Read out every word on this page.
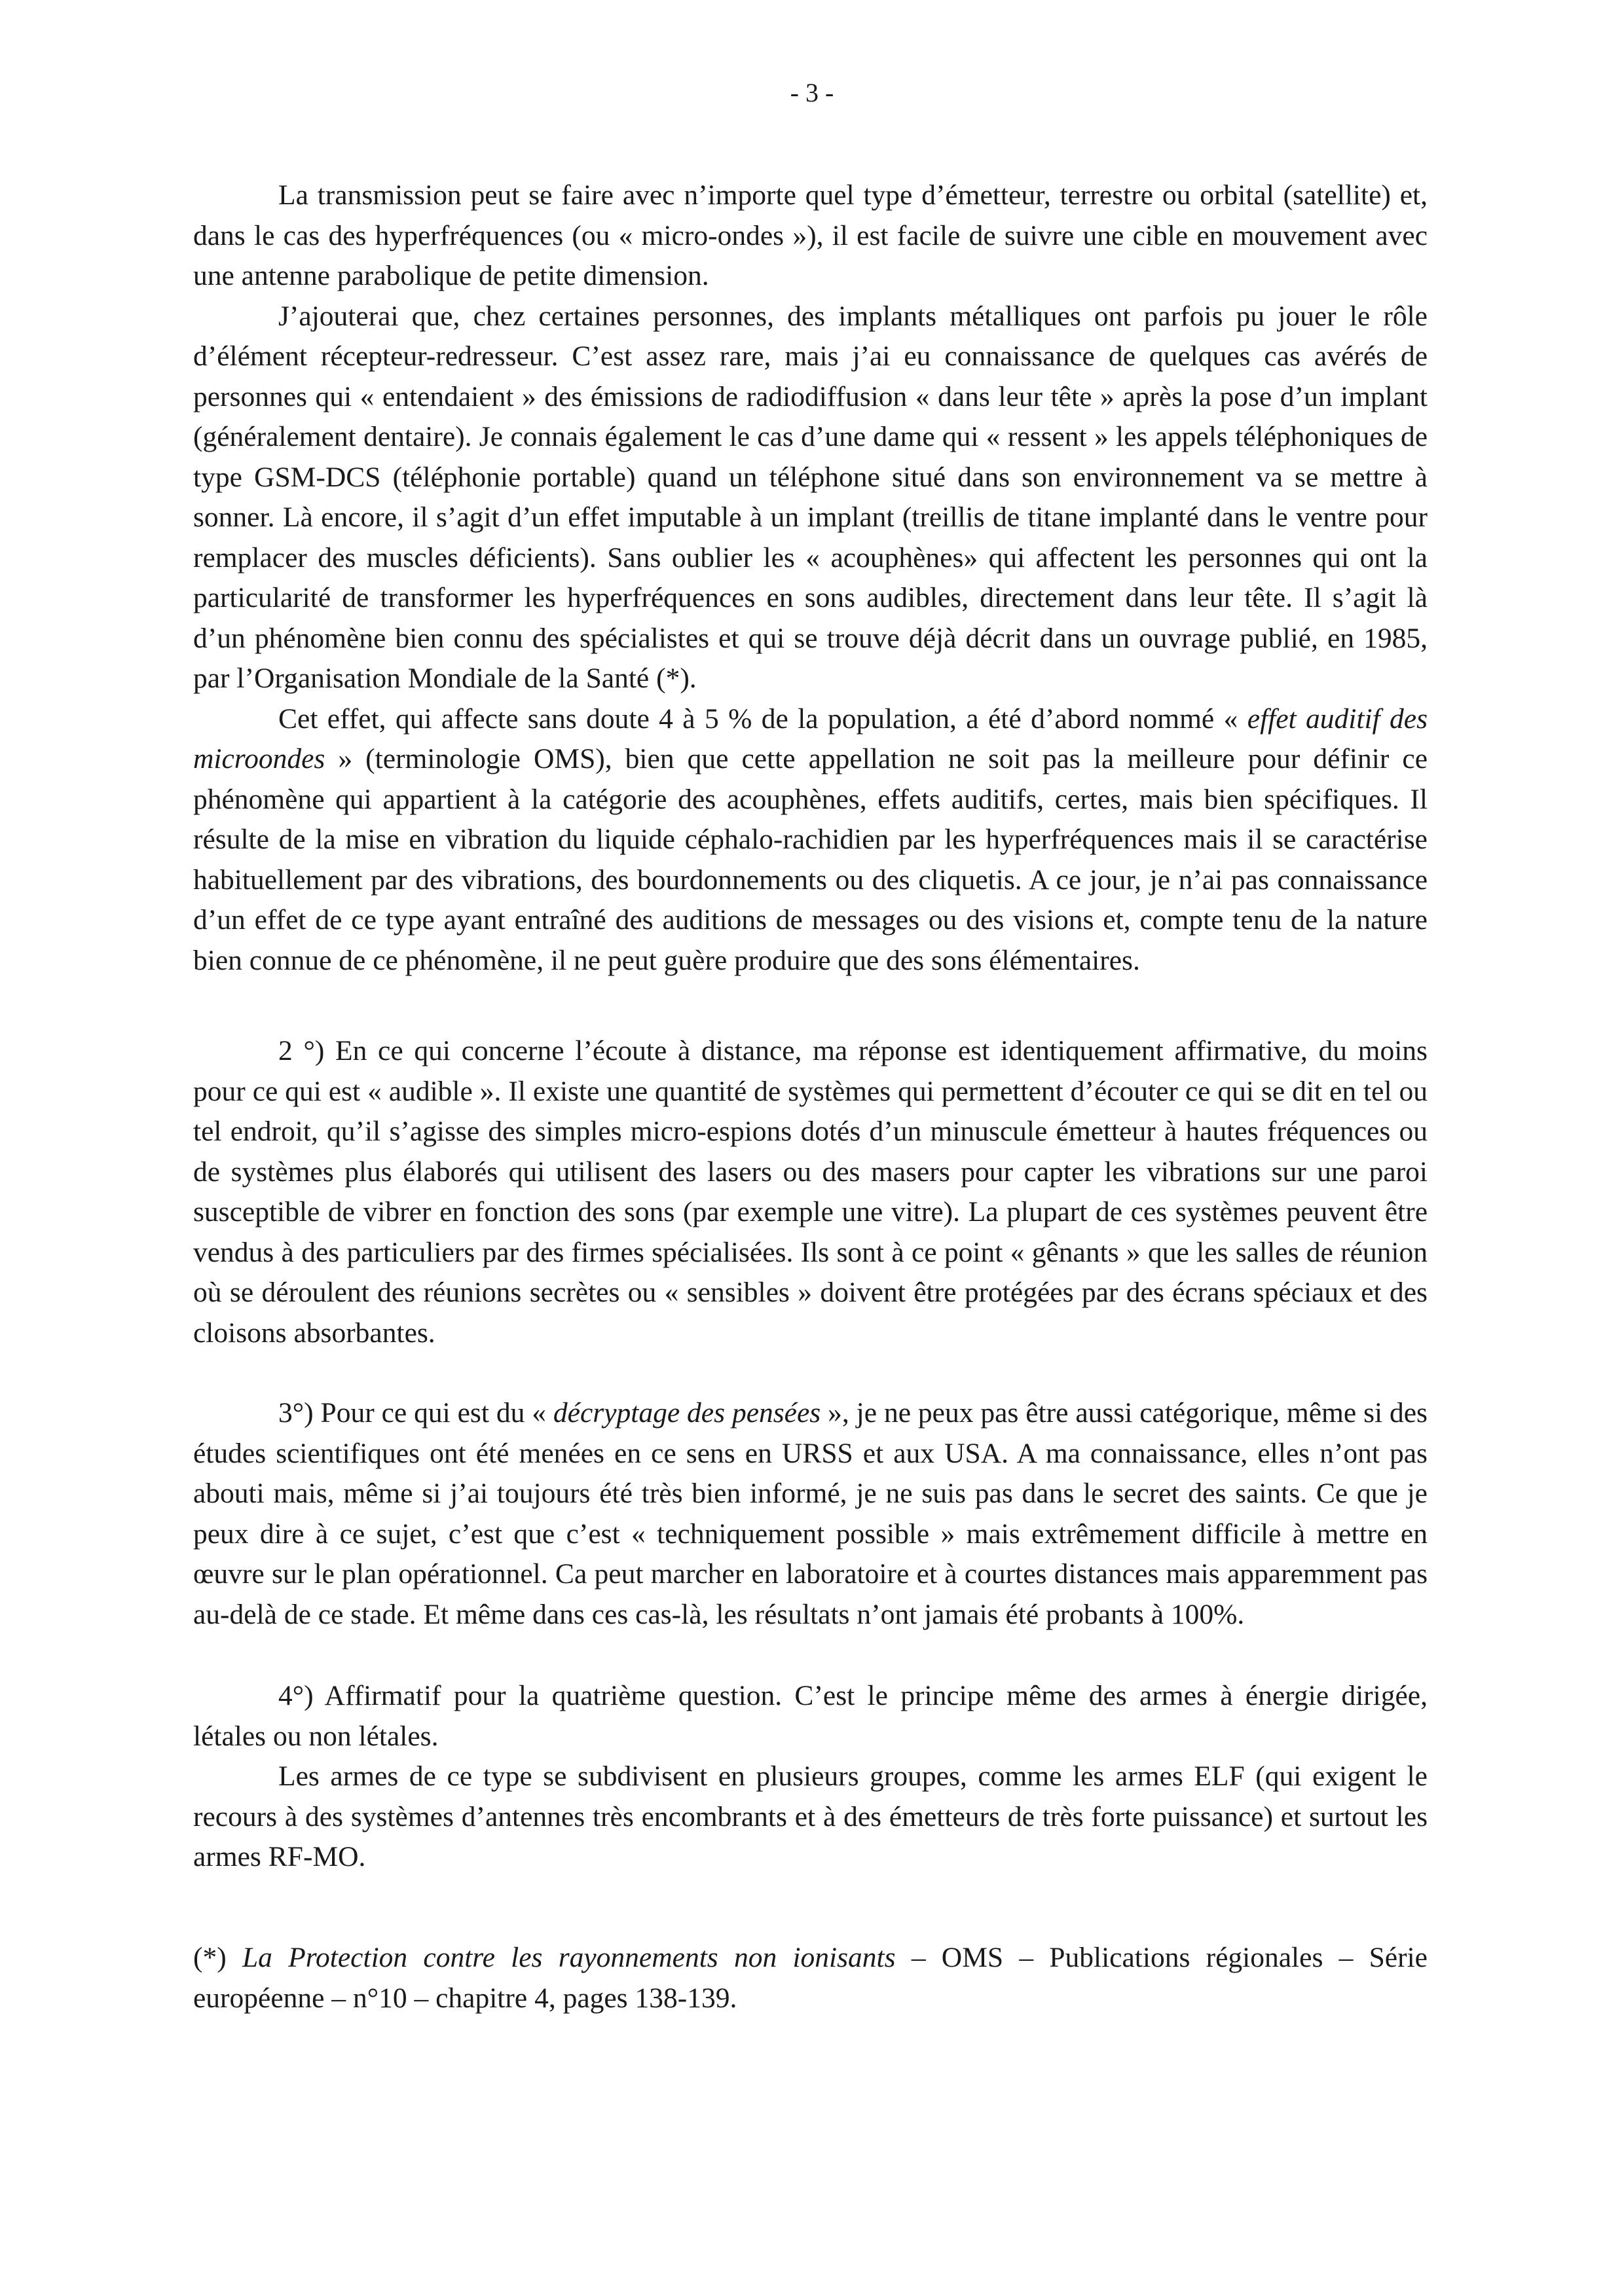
- 3 -

La transmission peut se faire avec n’importe quel type d’émetteur, terrestre ou orbital (satellite) et, dans le cas des hyperfréquences (ou « micro-ondes »), il est facile de suivre une cible en mouvement avec une antenne parabolique de petite dimension.

J’ajouterai que, chez certaines personnes, des implants métalliques ont parfois pu jouer le rôle d’élément récepteur-redresseur. C’est assez rare, mais j’ai eu connaissance de quelques cas avérés de personnes qui « entendaient » des émissions de radiodiffusion « dans leur tête » après la pose d’un implant (généralement dentaire). Je connais également le cas d’une dame qui « ressent » les appels téléphoniques de type GSM-DCS (téléphonie portable) quand un téléphone situé dans son environnement va se mettre à sonner. Là encore, il s’agit d’un effet imputable à un implant (treillis de titane implanté dans le ventre pour remplacer des muscles déficients). Sans oublier les « acouphènes» qui affectent les personnes qui ont la particularité de transformer les hyperfréquences en sons audibles, directement dans leur tête. Il s’agit là d’un phénomène bien connu des spécialistes et qui se trouve déjà décrit dans un ouvrage publié, en 1985, par l’Organisation Mondiale de la Santé (*).

Cet effet, qui affecte sans doute 4 à 5 % de la population, a été d’abord nommé « effet auditif des microondes » (terminologie OMS), bien que cette appellation ne soit pas la meilleure pour définir ce phénomène qui appartient à la catégorie des acouphènes, effets auditifs, certes, mais bien spécifiques. Il résulte de la mise en vibration du liquide céphalo-rachidien par les hyperfréquences mais il se caractérise habituellement par des vibrations, des bourdonnements ou des cliquetis. A ce jour, je n’ai pas connaissance d’un effet de ce type ayant entraîné des auditions de messages ou des visions et, compte tenu de la nature bien connue de ce phénomène, il ne peut guère produire que des sons élémentaires.

2 °) En ce qui concerne l’écoute à distance, ma réponse est identiquement affirmative, du moins pour ce qui est « audible ». Il existe une quantité de systèmes qui permettent d’écouter ce qui se dit en tel ou tel endroit, qu’il s’agisse des simples micro-espions dotés d’un minuscule émetteur à hautes fréquences ou de systèmes plus élaborés qui utilisent des lasers ou des masers pour capter les vibrations sur une paroi susceptible de vibrer en fonction des sons (par exemple une vitre). La plupart de ces systèmes peuvent être vendus à des particuliers par des firmes spécialisées. Ils sont à ce point « gênants » que les salles de réunion où se déroulent des réunions secrètes ou « sensibles » doivent être protégées par des écrans spéciaux et des cloisons absorbantes.

3°) Pour ce qui est du « décryptage des pensées », je ne peux pas être aussi catégorique, même si des études scientifiques ont été menées en ce sens en URSS et aux USA. A ma connaissance, elles n’ont pas abouti mais, même si j’ai toujours été très bien informé, je ne suis pas dans le secret des saints. Ce que je peux dire à ce sujet, c’est que c’est « techniquement possible » mais extrêmement difficile à mettre en œuvre sur le plan opérationnel. Ca peut marcher en laboratoire et à courtes distances mais apparemment pas au-delà de ce stade. Et même dans ces cas-là, les résultats n’ont jamais été probants à 100%.

4°) Affirmatif pour la quatrième question. C’est le principe même des armes à énergie dirigée, létales ou non létales.

Les armes de ce type se subdivisent en plusieurs groupes, comme les armes ELF (qui exigent le recours à des systèmes d’antennes très encombrants et à des émetteurs de très forte puissance) et surtout les armes RF-MO.

(*) La Protection contre les rayonnements non ionisants – OMS – Publications régionales – Série européenne – n°10 – chapitre 4, pages 138-139.
